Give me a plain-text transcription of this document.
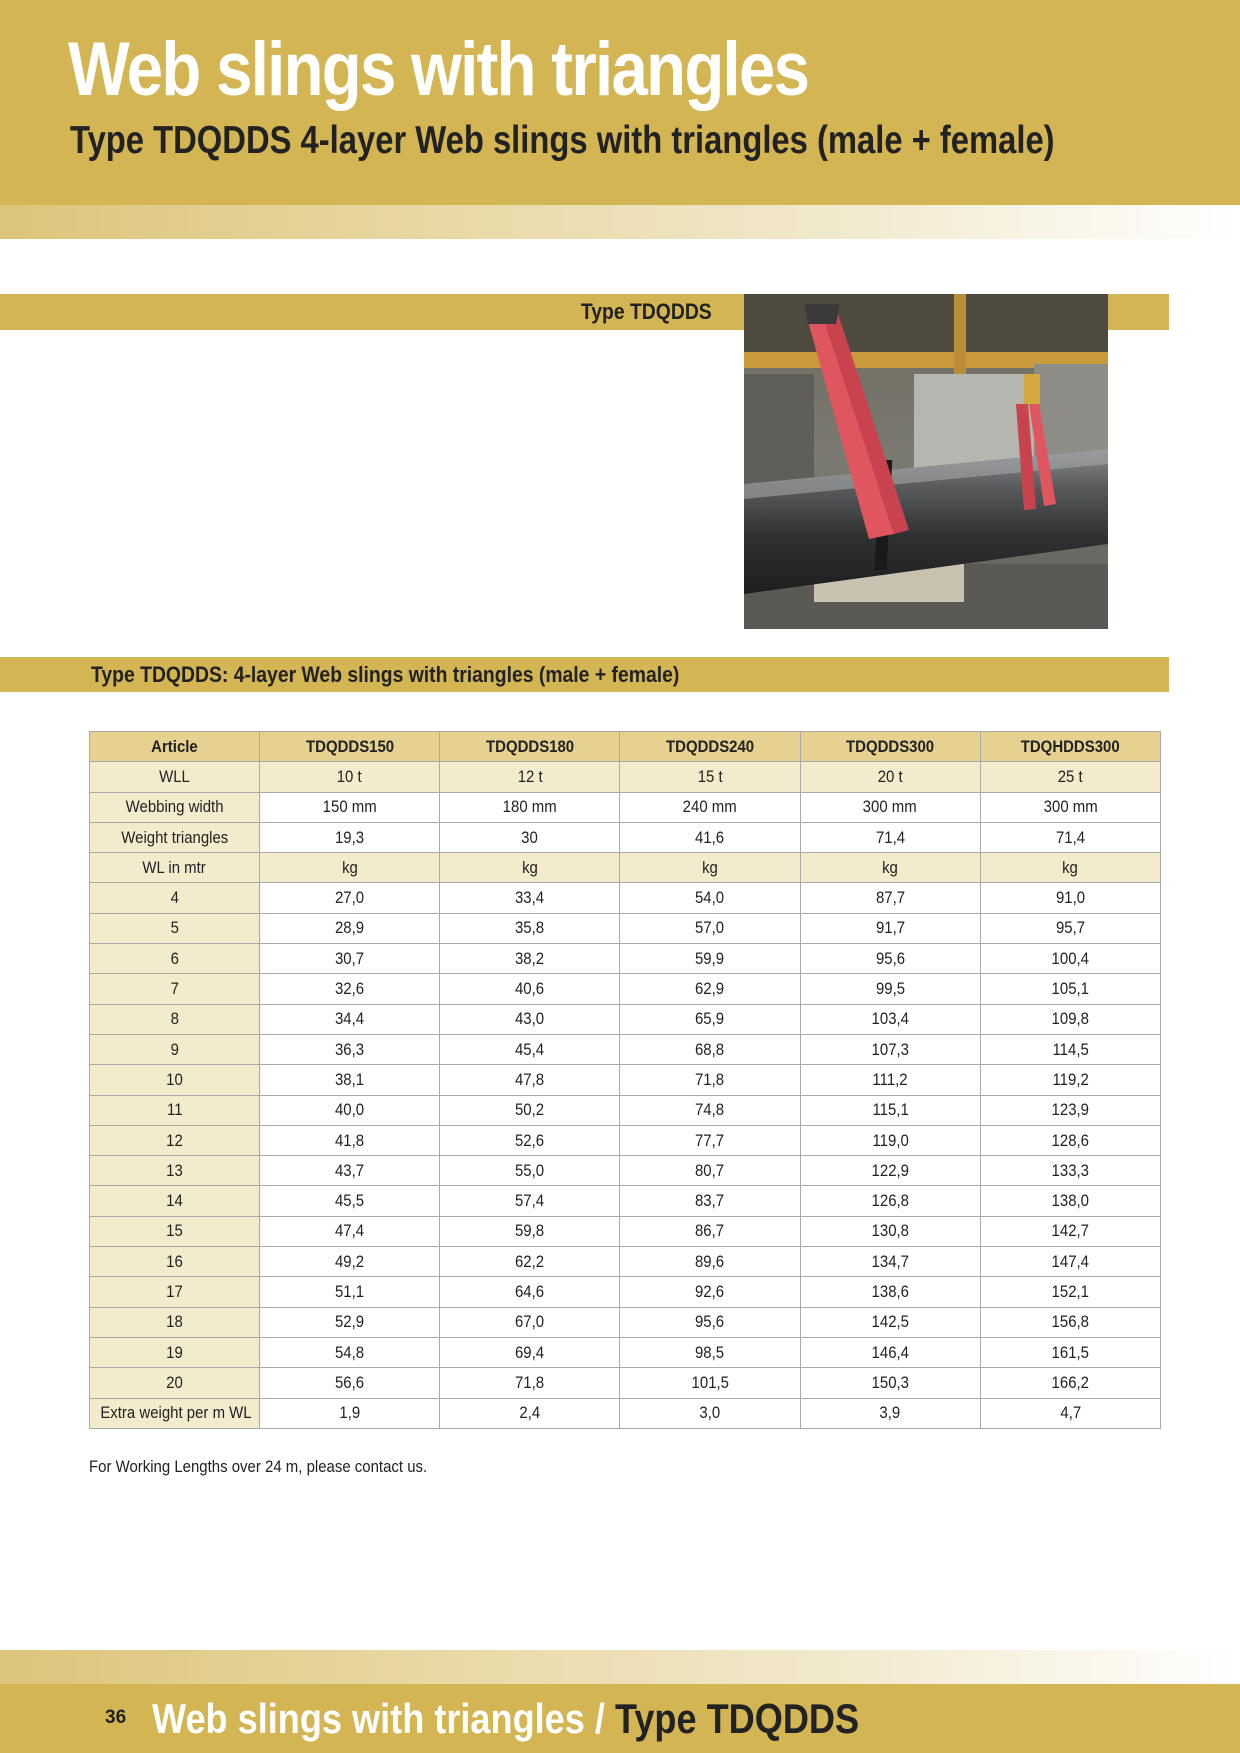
Web slings with triangles
Type TDQDDS 4-layer Web slings with triangles (male + female)
Type TDQDDS
Type TDQDDS: 4-layer Web slings with triangles (male + female)
Article	TDQDDS150	TDQDDS180	TDQDDS240	TDQDDS300	TDQHDDS300
WLL	10 t	12 t	15 t	20 t	25 t
Webbing width	150 mm	180 mm	240 mm	300 mm	300 mm
Weight triangles	19,3	30	41,6	71,4	71,4
WL in mtr	kg	kg	kg	kg	kg
4	27,0	33,4	54,0	87,7	91,0
5	28,9	35,8	57,0	91,7	95,7
6	30,7	38,2	59,9	95,6	100,4
7	32,6	40,6	62,9	99,5	105,1
8	34,4	43,0	65,9	103,4	109,8
9	36,3	45,4	68,8	107,3	114,5
10	38,1	47,8	71,8	111,2	119,2
11	40,0	50,2	74,8	115,1	123,9
12	41,8	52,6	77,7	119,0	128,6
13	43,7	55,0	80,7	122,9	133,3
14	45,5	57,4	83,7	126,8	138,0
15	47,4	59,8	86,7	130,8	142,7
16	49,2	62,2	89,6	134,7	147,4
17	51,1	64,6	92,6	138,6	152,1
18	52,9	67,0	95,6	142,5	156,8
19	54,8	69,4	98,5	146,4	161,5
20	56,6	71,8	101,5	150,3	166,2
Extra weight per m WL	1,9	2,4	3,0	3,9	4,7
For Working Lengths over 24 m, please contact us.
36 Web slings with triangles / Type TDQDDS
